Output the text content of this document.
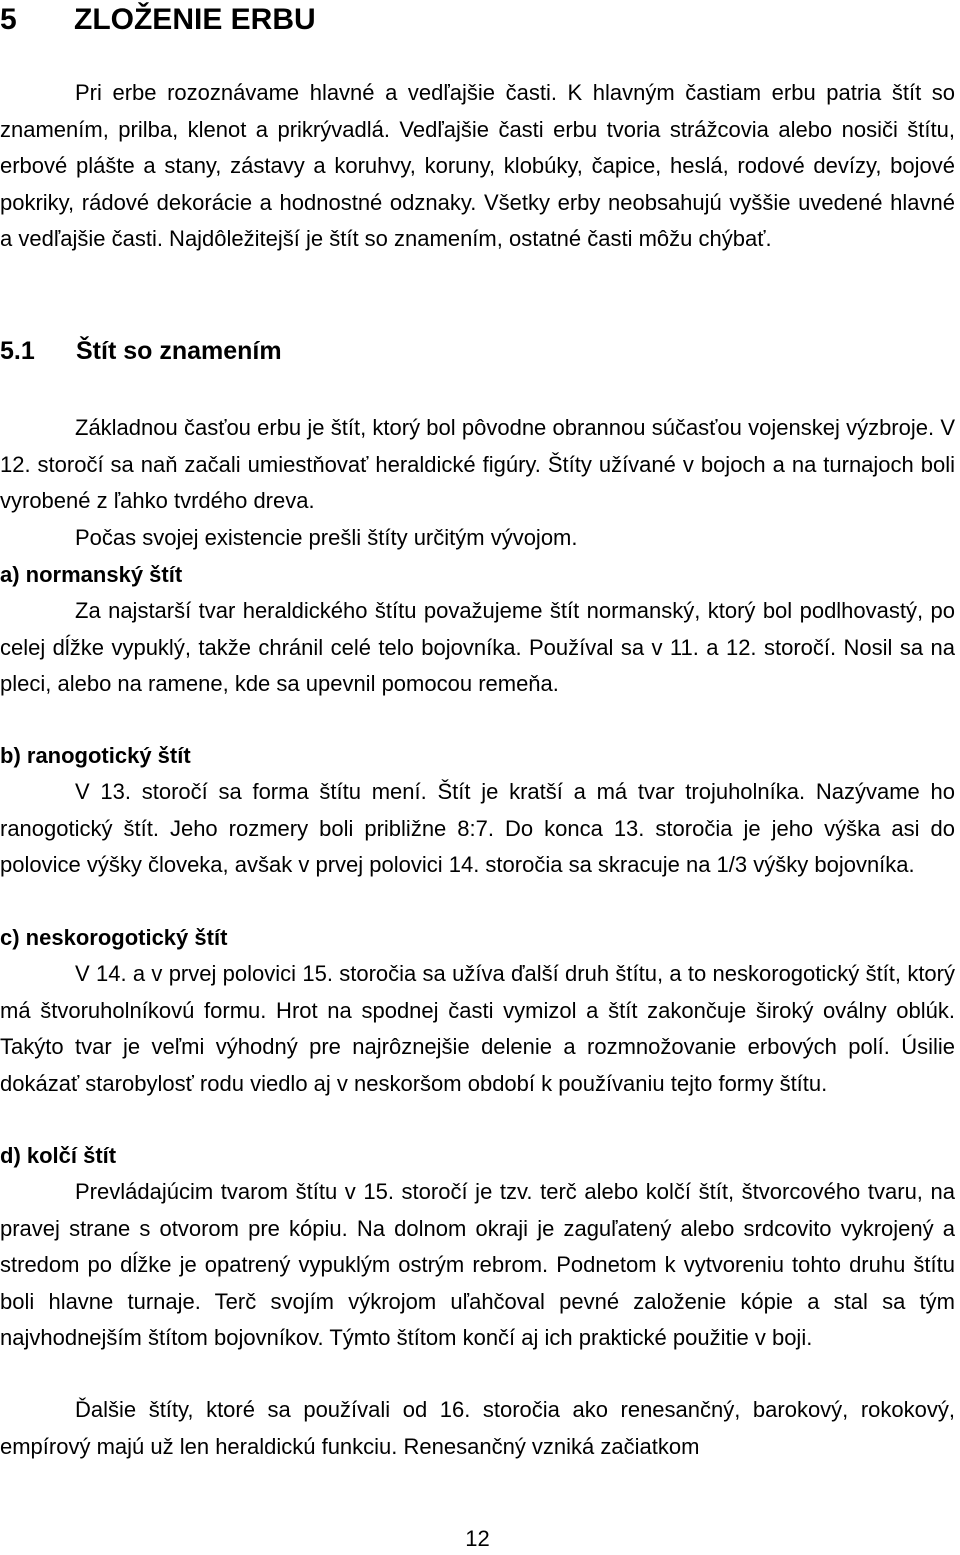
5 ZLOŽENIE ERBU

Pri erbe rozoznávame hlavné a vedľajšie časti. K hlavným častiam erbu patria štít so znamením, prilba, klenot a prikrývadlá. Vedľajšie časti erbu tvoria strážcovia alebo nosiči štítu, erbové plášte a stany, zástavy a koruhvy, koruny, klobúky, čapice, heslá, rodové devízy, bojové pokriky, rádové dekorácie a hodnostné odznaky. Všetky erby neobsahujú vyššie uvedené hlavné a vedľajšie časti. Najdôležitejší je štít so znamením, ostatné časti môžu chýbať.

5.1 Štít so znamením

Základnou časťou erbu je štít, ktorý bol pôvodne obrannou súčasťou vojenskej výzbroje. V 12. storočí sa naň začali umiestňovať heraldické figúry. Štíty užívané v bojoch a na turnajoch boli vyrobené z ľahko tvrdého dreva.

Počas svojej existencie prešli štíty určitým vývojom.

a) normanský štít

Za najstarší tvar heraldického štítu považujeme štít normanský, ktorý bol podlhovastý, po celej dĺžke vypuklý, takže chránil celé telo bojovníka. Používal sa v 11. a 12. storočí. Nosil sa na pleci, alebo na ramene, kde sa upevnil pomocou remeňa.

b) ranogotický štít

V 13. storočí sa forma štítu mení. Štít je kratší a má tvar trojuholníka. Nazývame ho ranogotický štít. Jeho rozmery boli približne 8:7. Do konca 13. storočia je jeho výška asi do polovice výšky človeka, avšak v prvej polovici 14. storočia sa skracuje na 1/3 výšky bojovníka.

c) neskorogotický štít

V 14. a v prvej polovici 15. storočia sa užíva ďalší druh štítu, a to neskorogotický štít, ktorý má štvoruholníkovú formu. Hrot na spodnej časti vymizol a štít zakončuje široký oválny oblúk. Takýto tvar je veľmi výhodný pre najrôznejšie delenie a rozmnožovanie erbových polí. Úsilie dokázať starobylosť rodu viedlo aj v neskoršom období k používaniu tejto formy štítu.

d) kolčí štít

Prevládajúcim tvarom štítu v 15. storočí je tzv. terč alebo kolčí štít, štvorcového tvaru, na pravej strane s otvorom pre kópiu. Na dolnom okraji je zaguľatený alebo srdcovito vykrojený a stredom po dĺžke je opatrený vypuklým ostrým rebrom. Podnetom k vytvoreniu tohto druhu štítu boli hlavne turnaje. Terč svojím výkrojom uľahčoval pevné založenie kópie a stal sa tým najvhodnejším štítom bojovníkov. Týmto štítom končí aj ich praktické použitie v boji.

Ďalšie štíty, ktoré sa používali od 16. storočia ako renesančný, barokový, rokokový, empírový majú už len heraldickú funkciu. Renesančný vzniká začiatkom

12
